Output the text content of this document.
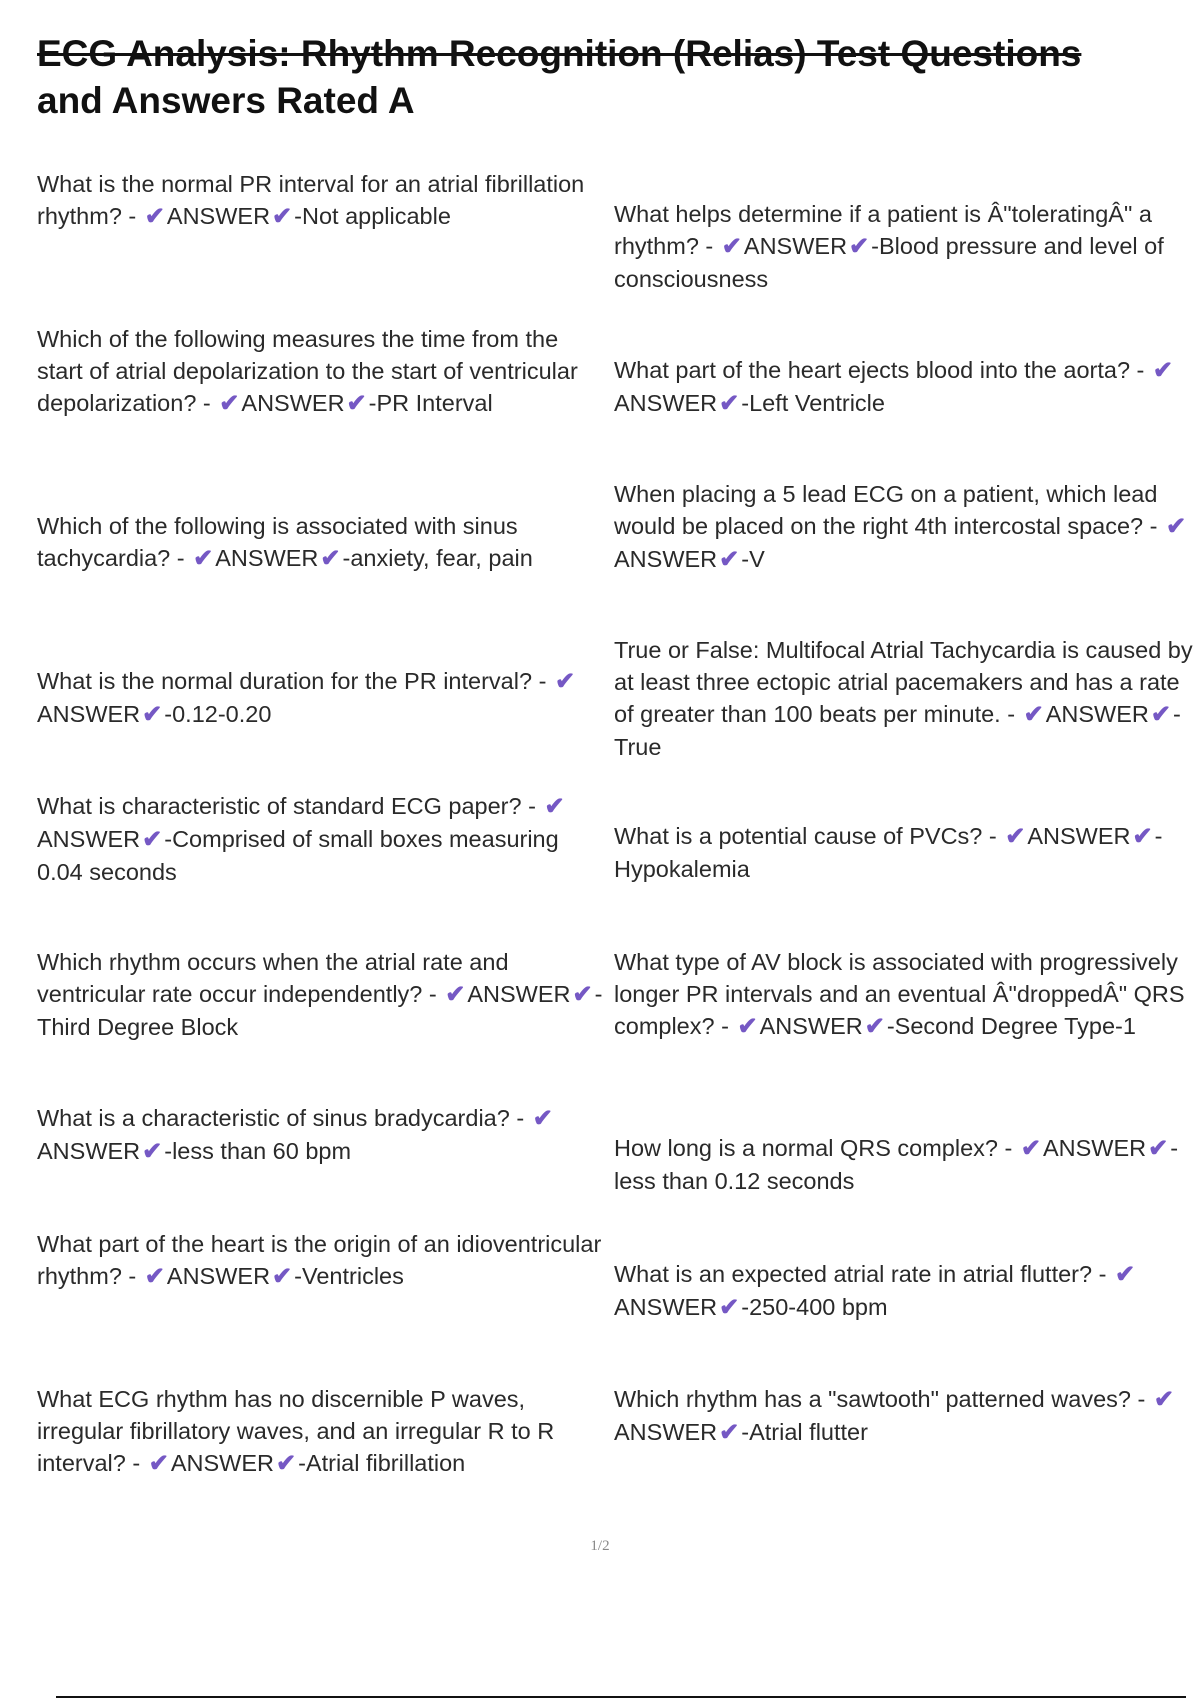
ECG Analysis: Rhythm Recognition (Relias) Test Questions
and Answers Rated A
What is the normal PR interval for an atrial fibrillation rhythm? - ✔ANSWER✔-Not applicable
Which of the following measures the time from the start of atrial depolarization to the start of ventricular depolarization? - ✔ANSWER✔-PR Interval
Which of the following is associated with sinus tachycardia? - ✔ANSWER✔-anxiety, fear, pain
What is the normal duration for the PR interval? - ✔ANSWER✔-0.12-0.20
What is characteristic of standard ECG paper? - ✔ANSWER✔-Comprised of small boxes measuring 0.04 seconds
Which rhythm occurs when the atrial rate and ventricular rate occur independently? - ✔ANSWER✔-Third Degree Block
What is a characteristic of sinus bradycardia? - ✔ANSWER✔-less than 60 bpm
What part of the heart is the origin of an idioventricular rhythm? - ✔ANSWER✔-Ventricles
What ECG rhythm has no discernible P waves, irregular fibrillatory waves, and an irregular R to R interval? - ✔ANSWER✔-Atrial fibrillation
What helps determine if a patient is Â"toleratingÂ" a rhythm? - ✔ANSWER✔-Blood pressure and level of consciousness
What part of the heart ejects blood into the aorta? - ✔ANSWER✔-Left Ventricle
When placing a 5 lead ECG on a patient, which lead would be placed on the right 4th intercostal space? - ✔ANSWER✔-V
True or False: Multifocal Atrial Tachycardia is caused by at least three ectopic atrial pacemakers and has a rate of greater than 100 beats per minute. - ✔ANSWER✔-True
What is a potential cause of PVCs? - ✔ANSWER✔-Hypokalemia
What type of AV block is associated with progressively longer PR intervals and an eventual Â"droppedÂ" QRS complex? - ✔ANSWER✔-Second Degree Type-1
How long is a normal QRS complex? - ✔ANSWER✔-less than 0.12 seconds
What is an expected atrial rate in atrial flutter? - ✔ANSWER✔-250-400 bpm
Which rhythm has a "sawtooth" patterned waves? - ✔ANSWER✔-Atrial flutter
1/2
